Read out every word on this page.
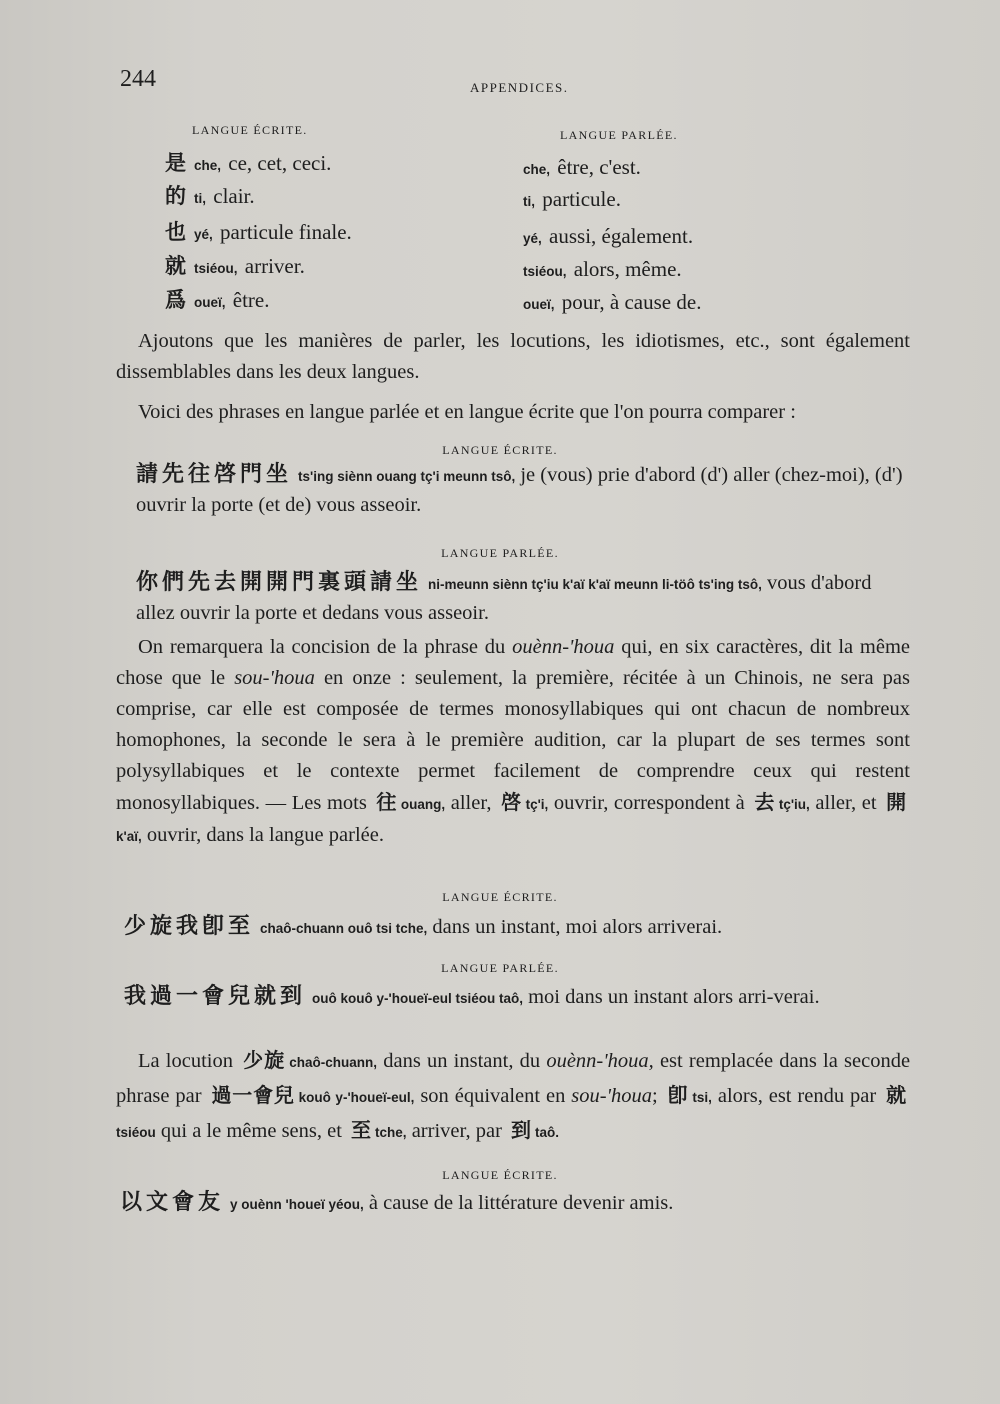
244	APPENDICES.
LANGUE ÉCRITE.	LANGUE PARLÉE.
是che, ce, cet, ceci.
的ti, clair.
也yé, particule finale.
就tsiéou, arriver.
爲oueï, être.
che, être, c'est.
ti, particule.
yé, aussi, également.
tsiéou, alors, même.
oueï, pour, à cause de.
Ajoutons que les manières de parler, les locutions, les idiotismes, etc., sont également dissemblables dans les deux langues.
Voici des phrases en langue parlée et en langue écrite que l'on pourra comparer :
LANGUE ÉCRITE.
請先往啓門坐 ts'ing siènn ouang tç'i meunn tsô, je (vous) prie d'abord (d') aller (chez-moi), (d') ouvrir la porte (et de) vous asseoir.
LANGUE PARLÉE.
你們先去開開門裏頭請坐 ni-meunn siènn tç'iu k'aï k'aï meunn li-töô ts'ing tsô, vous d'abord allez ouvrir la porte et dedans vous asseoir.
On remarquera la concision de la phrase du ouènn-'houa qui, en six caractères, dit la même chose que le sou-'houa en onze : seulement, la première, récitée à un Chinois, ne sera pas comprise, car elle est composée de termes monosyllabiques qui ont chacun de nombreux homophones, la seconde le sera à le première audition, car la plupart de ses termes sont polysyllabiques et le contexte permet facilement de comprendre ceux qui restent monosyllabiques. — Les mots 往 ouang, aller, 啓 tç'i, ouvrir, correspondent à 去 tç'iu, aller, et 開k'aï, ouvrir, dans la langue parlée.
LANGUE ÉCRITE.
少旋我卽至 chaô-chuann ouô tsi tche, dans un instant, moi alors arriverai.
LANGUE PARLÉE.
我過一會兒就到 ouô kouô y-'houeï-eul tsiéou taô, moi dans un instant alors arri-verai.
La locution 少旋 chaô-chuann, dans un instant, du ouènn-'houa, est remplacée dans la seconde phrase par 過一會兒 kouô y-'houeï-eul, son équivalent en sou-'houa; 卽 tsi, alors, est rendu par 就tsiéou qui a le même sens, et 至 tche, arriver, par 到 taô.
LANGUE ÉCRITE.
以文會友 y ouènn 'houeï yéou, à cause de la littérature devenir amis.
